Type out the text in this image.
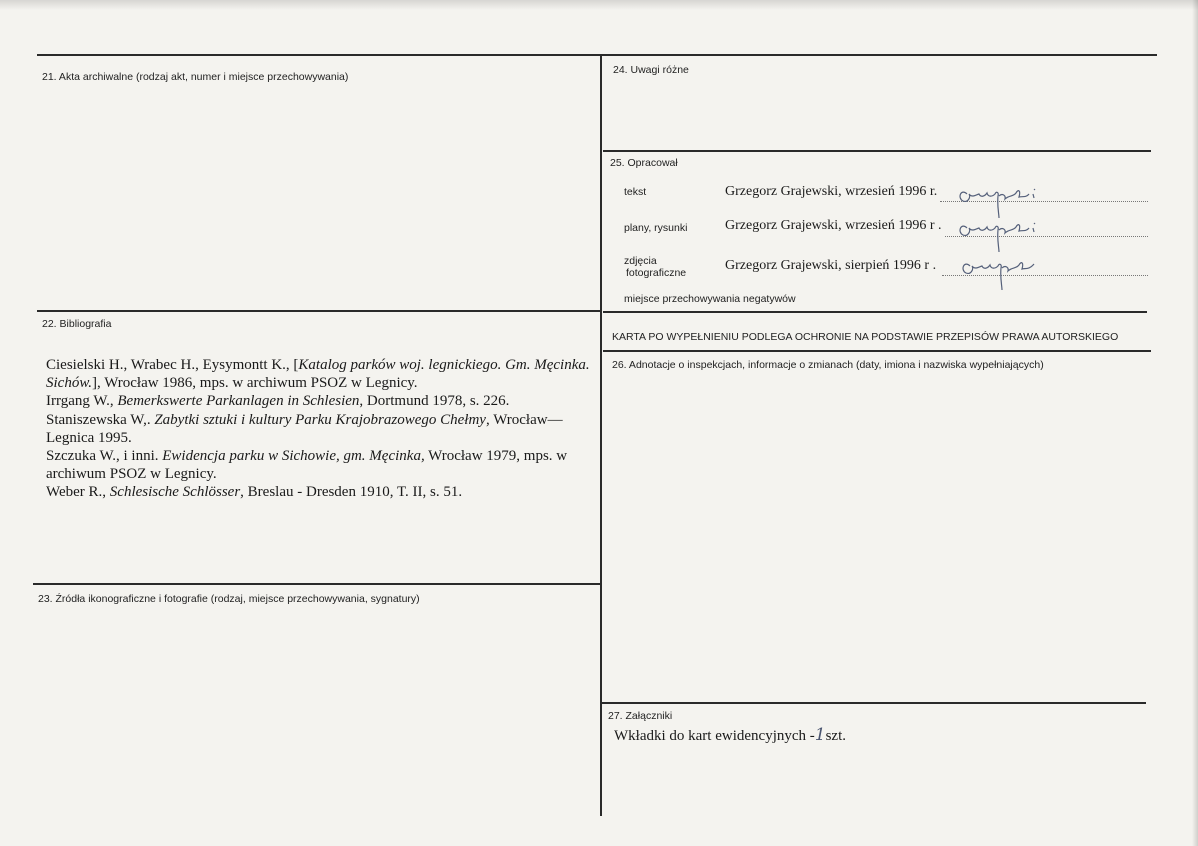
21. Akta archiwalne (rodzaj akt, numer i miejsce przechowywania)
22. Bibliografia

Ciesielski H., Wrabec H., Eysymontt K., [Katalog parków woj. legnickiego. Gm. Męcinka. Sichów.], Wrocław 1986, mps. w archiwum PSOZ w Legnicy.

Irrgang W., Bemerkswerte Parkanlagen in Schlesien, Dortmund 1978, s. 226.

Staniszewska W,. Zabytki sztuki i kultury Parku Krajobrazowego Chełmy, Wrocław—Legnica 1995.

Szczuka W., i inni. Ewidencja parku w Sichowie, gm. Męcinka, Wrocław 1979, mps. w archiwum PSOZ w Legnicy.

Weber R., Schlesische Schlösser, Breslau - Dresden 1910, T. II, s. 51.

23. Źródła ikonograficzne i fotografie (rodzaj, miejsce przechowywania, sygnatury)
24. Uwagi różne
25. Opracował
tekst	Grzegorz Grajewski, wrzesień 1996 r.
plany, rysunki	Grzegorz Grajewski, wrzesień 1996 r .
zdjęcia
fotograficzne	Grzegorz Grajewski, sierpień 1996 r .
miejsce przechowywania negatywów
KARTA PO WYPEŁNIENIU PODLEGA OCHRONIE NA PODSTAWIE PRZEPISÓW PRAWA AUTORSKIEGO
26. Adnotacje o inspekcjach, informacje o zmianach (daty, imiona i nazwiska wypełniających)
27. Załączniki
Wkładki do kart ewidencyjnych -1szt.
